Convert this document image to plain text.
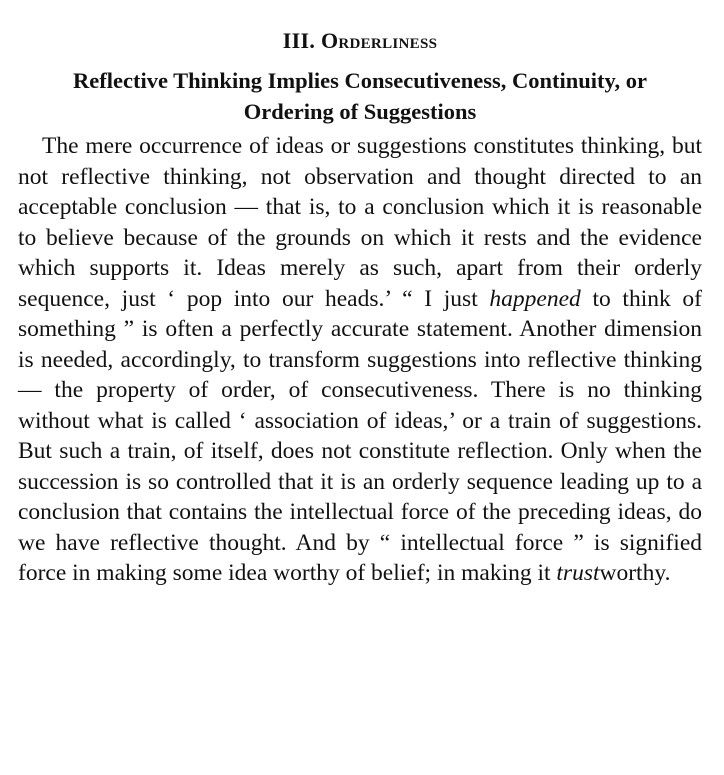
III. Orderliness
Reflective Thinking Implies Consecutiveness, Continuity, or
Ordering of Suggestions

The mere occurrence of ideas or suggestions constitutes thinking, but not reflective thinking, not observation and thought directed to an acceptable conclusion — that is, to a conclusion which it is reasonable to believe because of the grounds on which it rests and the evidence which supports it. Ideas merely as such, apart from their orderly sequence, just ‘ pop into our heads.’ “ I just happened to think of something ” is often a perfectly accurate statement. Another dimension is needed, accordingly, to transform suggestions into reflective thinking — the property of order, of consecutiveness. There is no thinking without what is called ‘ association of ideas,’ or a train of suggestions. But such a train, of itself, does not constitute reflection. Only when the succession is so controlled that it is an orderly sequence leading up to a conclusion that contains the intellectual force of the preceding ideas, do we have reflective thought. And by “ intellectual force ” is signified force in making some idea worthy of belief; in making it trustworthy.
